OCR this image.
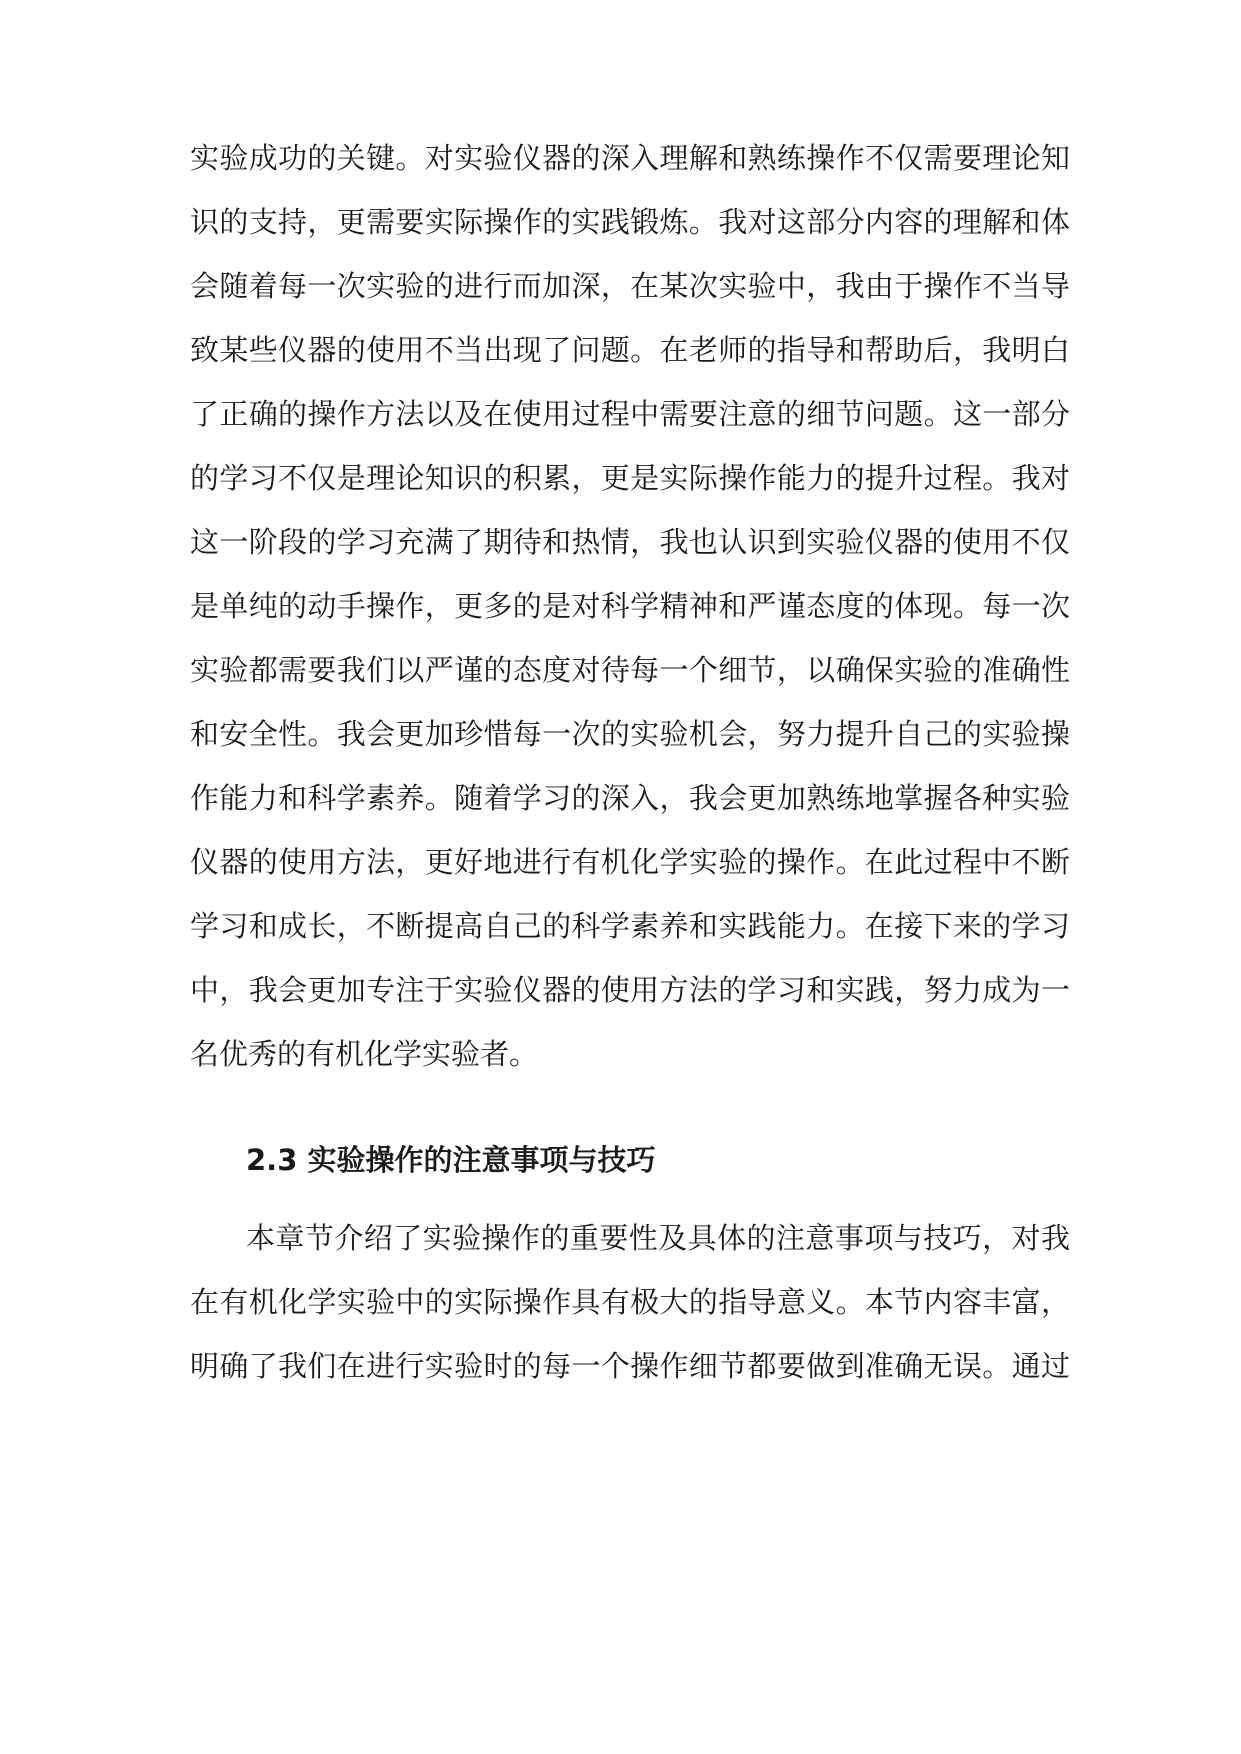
实验成功的关键。对实验仪器的深入理解和熟练操作不仅需要理论知
识的支持，更需要实际操作的实践锻炼。我对这部分内容的理解和体
会随着每一次实验的进行而加深，在某次实验中，我由于操作不当导
致某些仪器的使用不当出现了问题。在老师的指导和帮助后，我明白
了正确的操作方法以及在使用过程中需要注意的细节问题。这一部分
的学习不仅是理论知识的积累，更是实际操作能力的提升过程。我对
这一阶段的学习充满了期待和热情，我也认识到实验仪器的使用不仅
是单纯的动手操作，更多的是对科学精神和严谨态度的体现。每一次
实验都需要我们以严谨的态度对待每一个细节，以确保实验的准确性
和安全性。我会更加珍惜每一次的实验机会，努力提升自己的实验操
作能力和科学素养。随着学习的深入，我会更加熟练地掌握各种实验
仪器的使用方法，更好地进行有机化学实验的操作。在此过程中不断
学习和成长，不断提高自己的科学素养和实践能力。在接下来的学习
中，我会更加专注于实验仪器的使用方法的学习和实践，努力成为一
名优秀的有机化学实验者。
2.3 实验操作的注意事项与技巧
本章节介绍了实验操作的重要性及具体的注意事项与技巧，对我
在有机化学实验中的实际操作具有极大的指导意义。本节内容丰富，
明确了我们在进行实验时的每一个操作细节都要做到准确无误。通过
